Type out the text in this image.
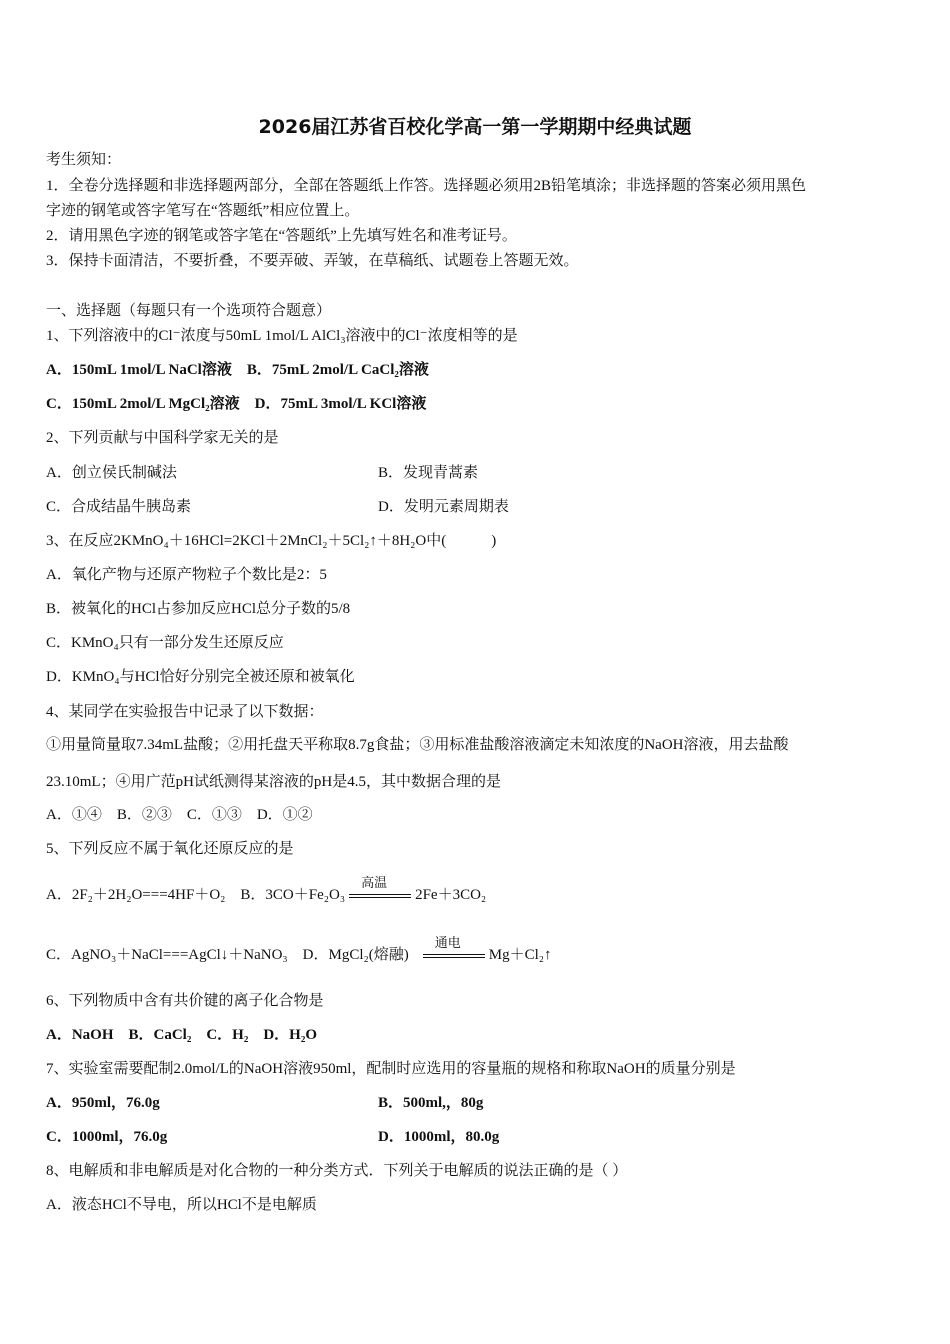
2026届江苏省百校化学高一第一学期期中经典试题
考生须知：
1．全卷分选择题和非选择题两部分，全部在答题纸上作答。选择题必须用2B铅笔填涂；非选择题的答案必须用黑色
字迹的钢笔或答字笔写在“答题纸”相应位置上。
2．请用黑色字迹的钢笔或答字笔在“答题纸”上先填写姓名和准考证号。
3．保持卡面清洁，不要折叠，不要弄破、弄皱，在草稿纸、试题卷上答题无效。
一、选择题（每题只有一个选项符合题意）
1、下列溶液中的Cl⁻浓度与50mL 1mol/L AlCl₃溶液中的Cl⁻浓度相等的是
A．150mL 1mol/L NaCl溶液　B．75mL 2mol/L CaCl₂溶液
C．150mL 2mol/L MgCl₂溶液　D．75mL 3mol/L KCl溶液
2、下列贡献与中国科学家无关的是
A．创立侯氏制碱法	B．发现青蒿素
C．合成结晶牛胰岛素	D．发明元素周期表
3、在反应2KMnO₄＋16HCl=2KCl＋2MnCl₂＋5Cl₂↑＋8H₂O中(　　　)
A．氧化产物与还原产物粒子个数比是2：5
B．被氧化的HCl占参加反应HCl总分子数的5/8
C．KMnO₄只有一部分发生还原反应
D．KMnO₄与HCl恰好分别完全被还原和被氧化
4、某同学在实验报告中记录了以下数据：
①用量筒量取7.34mL盐酸；②用托盘天平称取8.7g食盐；③用标准盐酸溶液滴定未知浓度的NaOH溶液，用去盐酸
23.10mL；④用广范pH试纸测得某溶液的pH是4.5，其中数据合理的是
A．①④　B．②③　C．①③　D．①②
5、下列反应不属于氧化还原反应的是
A．2F₂＋2H₂O===4HF＋O₂　B．3CO＋Fe₂O₃
高温
2Fe＋3CO₂
C．AgNO₃＋NaCl===AgCl↓＋NaNO₃　D．MgCl₂(熔融)
通电
Mg＋Cl₂↑
6、下列物质中含有共价键的离子化合物是
A．NaOH　B．CaCl₂　C．H₂　D．H₂O
7、实验室需要配制2.0mol/L的NaOH溶液950ml，配制时应选用的容量瓶的规格和称取NaOH的质量分别是
A．950ml，76.0g	B．500ml,，80g
C．1000ml，76.0g	D．1000ml，80.0g
8、电解质和非电解质是对化合物的一种分类方式．下列关于电解质的说法正确的是（ ）
A．液态HCl不导电，所以HCl不是电解质
